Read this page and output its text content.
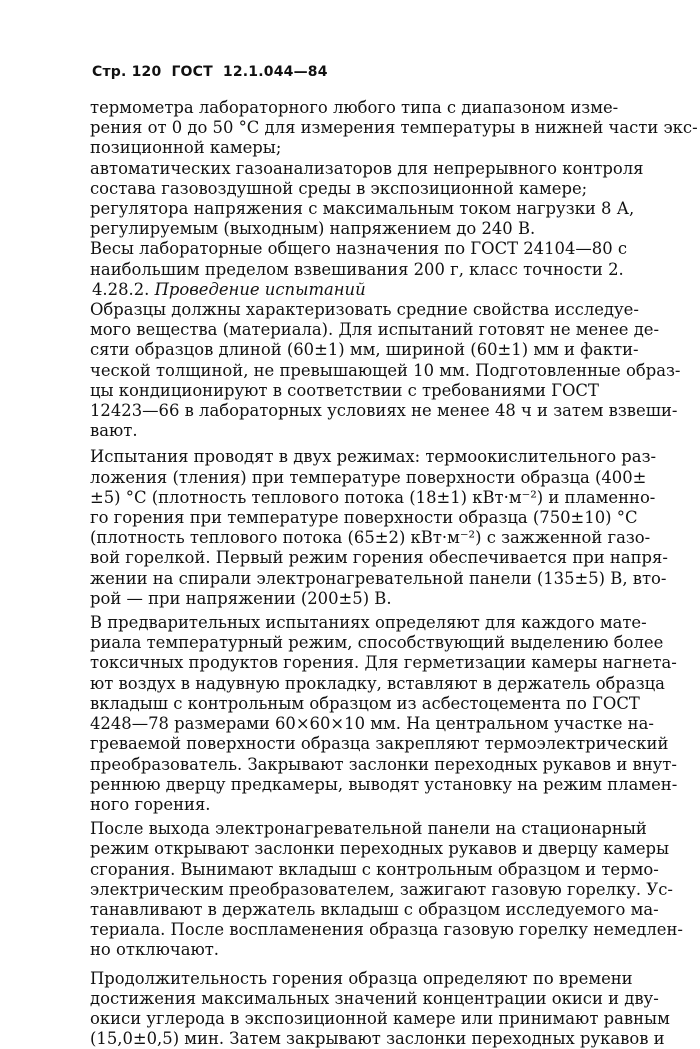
Стр. 120 ГОСТ 12.1.044—84
термометра лабораторного любого типа с диапазоном изме-
рения от 0 до 50 °С для измерения температуры в нижней части экс-
позиционной камеры;
автоматических газоанализаторов для непрерывного контроля
состава газовоздушной среды в экспозиционной камере;
регулятора напряжения с максимальным током нагрузки 8 А,
регулируемым (выходным) напряжением до 240 В.
Весы лабораторные общего назначения по ГОСТ 24104—80 с
наибольшим пределом взвешивания 200 г, класс точности 2.
4.28.2. Проведение испытаний
Образцы должны характеризовать средние свойства исследуе-
мого вещества (материала). Для испытаний готовят не менее де-
сяти образцов длиной (60±1) мм, шириной (60±1) мм и факти-
ческой толщиной, не превышающей 10 мм. Подготовленные образ-
цы кондиционируют в соответствии с требованиями ГОСТ
12423—66 в лабораторных условиях не менее 48 ч и затем взвеши-
вают.
Испытания проводят в двух режимах: термоокислительного раз-
ложения (тления) при температуре поверхности образца (400±
±5) °С (плотность теплового потока (18±1) кВт·м⁻²) и пламенно-
го горения при температуре поверхности образца (750±10) °С
(плотность теплового потока (65±2) кВт·м⁻²) с зажженной газо-
вой горелкой. Первый режим горения обеспечивается при напря-
жении на спирали электронагревательной панели (135±5) В, вто-
рой — при напряжении (200±5) В.
В предварительных испытаниях определяют для каждого мате-
риала температурный режим, способствующий выделению более
токсичных продуктов горения. Для герметизации камеры нагнета-
ют воздух в надувную прокладку, вставляют в держатель образца
вкладыш с контрольным образцом из асбестоцемента по ГОСТ
4248—78 размерами 60×60×10 мм. На центральном участке на-
греваемой поверхности образца закрепляют термоэлектрический
преобразователь. Закрывают заслонки переходных рукавов и внут-
реннюю дверцу предкамеры, выводят установку на режим пламен-
ного горения.
После выхода электронагревательной панели на стационарный
режим открывают заслонки переходных рукавов и дверцу камеры
сгорания. Вынимают вкладыш с контрольным образцом и термо-
электрическим преобразователем, зажигают газовую горелку. Ус-
танавливают в держатель вкладыш с образцом исследуемого ма-
териала. После воспламенения образца газовую горелку немедлен-
но отключают.
Продолжительность горения образца определяют по времени
достижения максимальных значений концентрации окиси и дву-
окиси углерода в экспозиционной камере или принимают равным
(15,0±0,5) мин. Затем закрывают заслонки переходных рукавов и
